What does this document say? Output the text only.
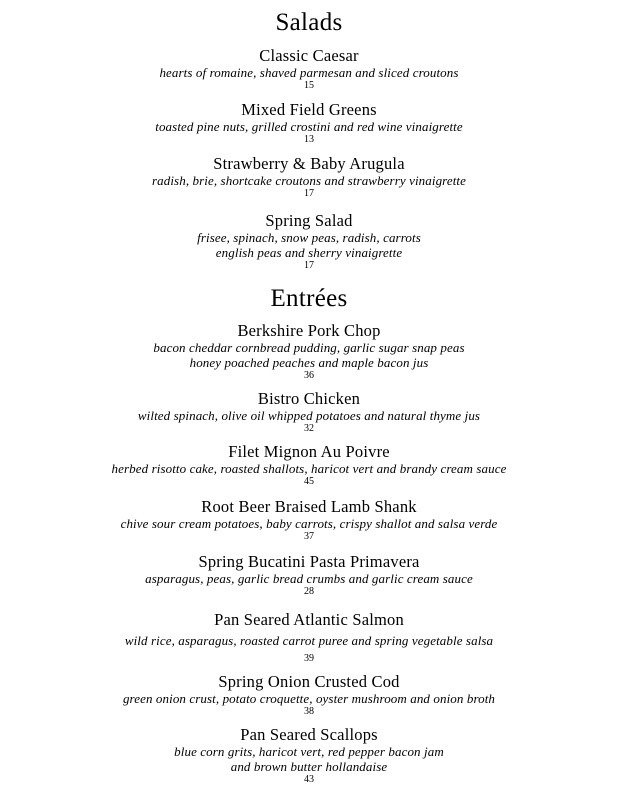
Salads
Classic Caesar
hearts of romaine, shaved parmesan and sliced croutons
15
Mixed Field Greens
toasted pine nuts, grilled crostini and red wine vinaigrette
13
Strawberry & Baby Arugula
radish, brie, shortcake croutons and strawberry vinaigrette
17
Spring Salad
frisee, spinach, snow peas, radish, carrots
english peas and sherry vinaigrette
17
Entrées
Berkshire Pork Chop
bacon cheddar cornbread pudding, garlic sugar snap peas
honey poached peaches and maple bacon jus
36
Bistro Chicken
wilted spinach, olive oil whipped potatoes and natural thyme jus
32
Filet Mignon Au Poivre
herbed risotto cake, roasted shallots, haricot vert and brandy cream sauce
45
Root Beer Braised Lamb Shank
chive sour cream potatoes, baby carrots, crispy shallot and salsa verde
37
Spring Bucatini Pasta Primavera
asparagus, peas, garlic bread crumbs and garlic cream sauce
28
Pan Seared Atlantic Salmon
wild rice, asparagus, roasted carrot puree and spring vegetable salsa
39
Spring Onion Crusted Cod
green onion crust, potato croquette, oyster mushroom and onion broth
38
Pan Seared Scallops
blue corn grits, haricot vert, red pepper bacon jam
and brown butter hollandaise
43
